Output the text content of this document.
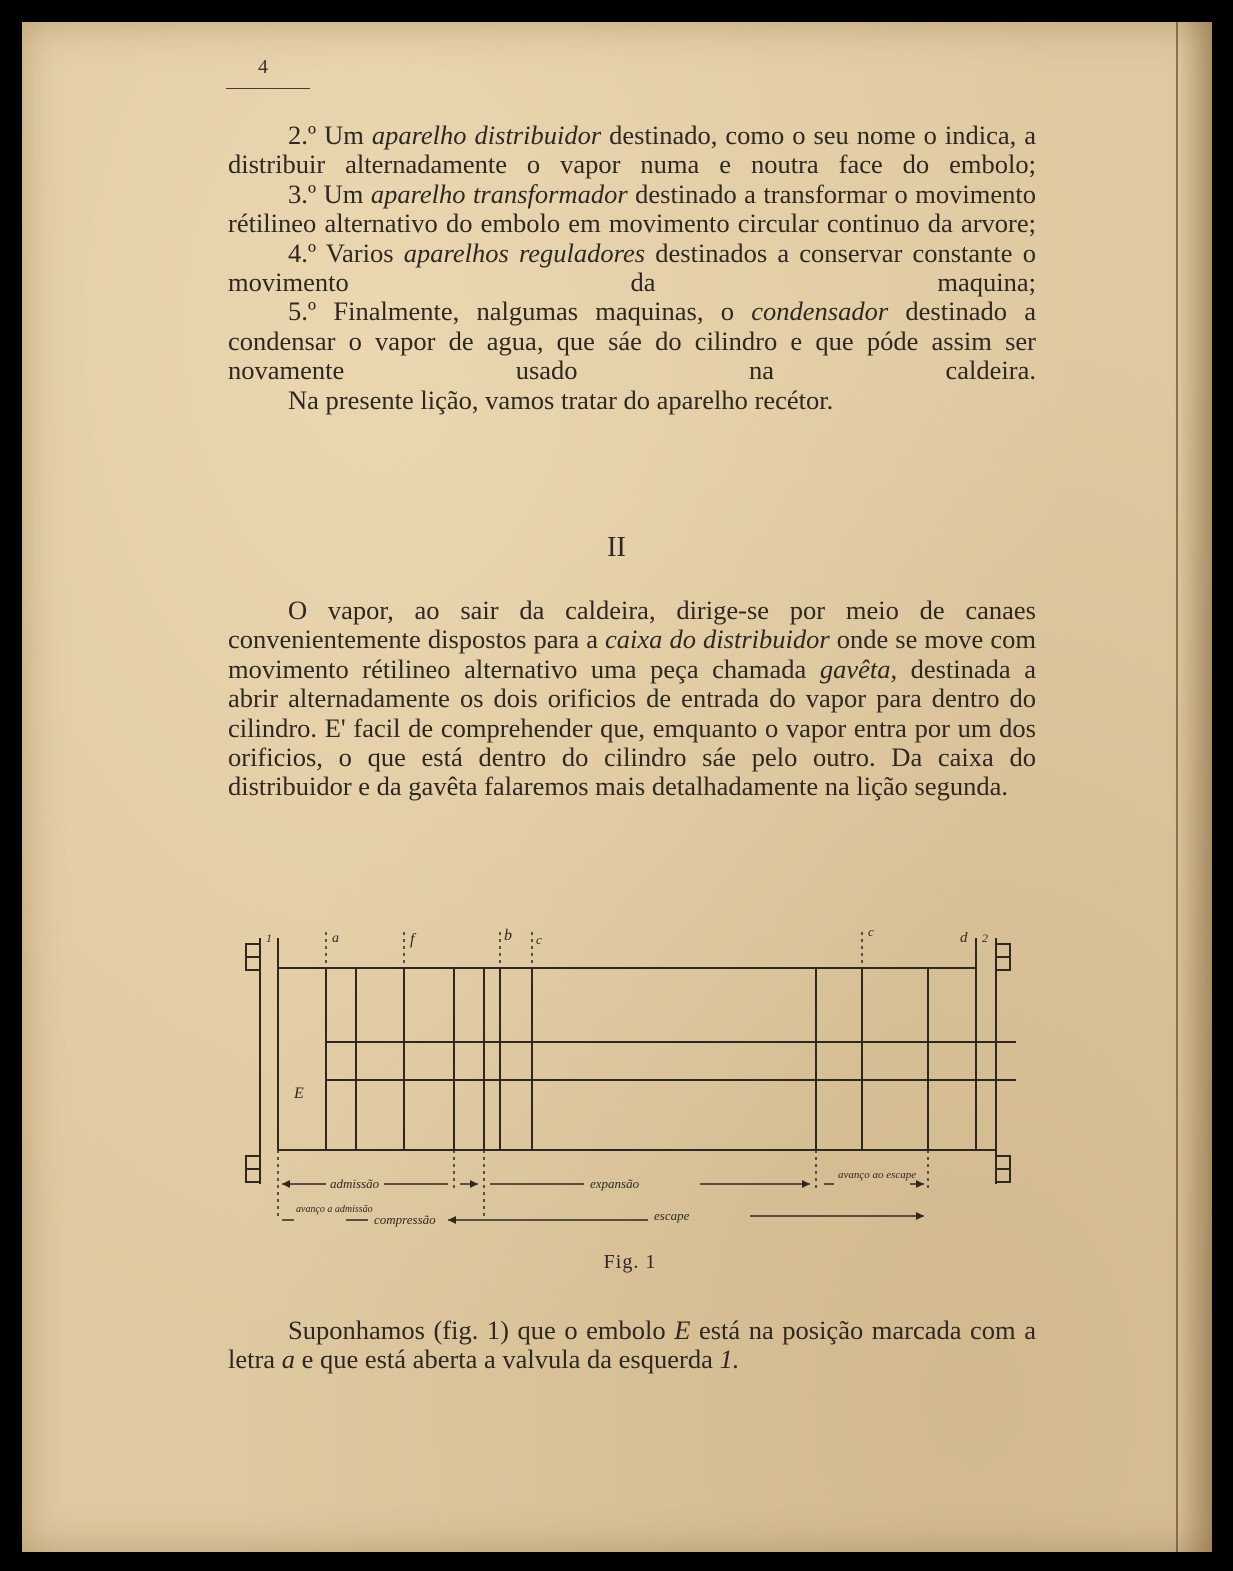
4

2.º Um aparelho distribuidor destinado, como o seu nome o indica, a distribuir alternadamente o vapor numa e noutra face do embolo;

3.º Um aparelho transformador destinado a transformar o movimento rétilineo alternativo do embolo em movimento circular continuo da arvore;

4.º Varios aparelhos reguladores destinados a conservar constante o movimento da maquina;

5.º Finalmente, nalgumas maquinas, o condensador destinado a condensar o vapor de agua, que sáe do cilindro e que póde assim ser novamente usado na caldeira.

Na presente lição, vamos tratar do aparelho recétor.

II

O vapor, ao sair da caldeira, dirige-se por meio de canaes convenientemente dispostos para a caixa do distribuidor onde se move com movimento rétilineo alternativo uma peça chamada gavêta, destinada a abrir alternadamente os dois orificios de entrada do vapor para dentro do cilindro. E' facil de comprehender que, emquanto o vapor entra por um dos orificios, o que está dentro do cilindro sáe pelo outro. Da caixa do distribuidor e da gavêta falaremos mais detalhadamente na lição segunda.

a	f	b c
c	d
1	2
E
admissão	expansão
avanço ao escape
avanço a admissão
compressão	escape
Fig. 1

Suponhamos (fig. 1) que o embolo E está na posição marcada com a letra a e que está aberta a valvula da esquerda 1.
